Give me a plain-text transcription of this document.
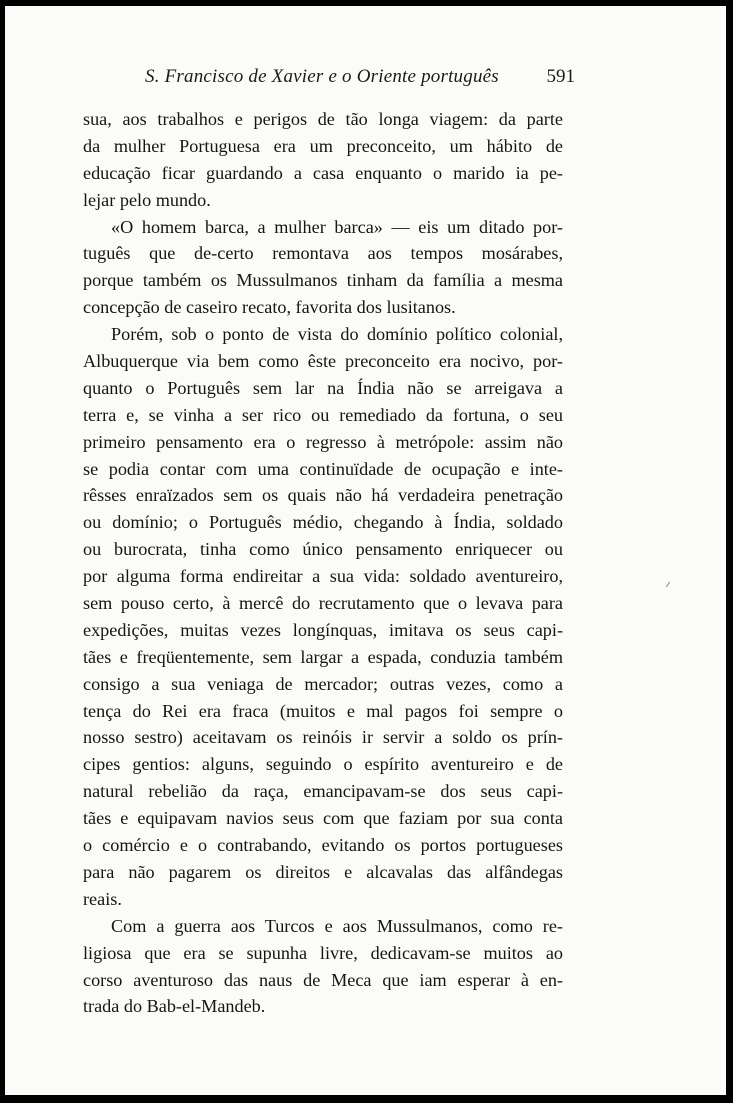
S. Francisco de Xavier e o Oriente português	591
sua, aos trabalhos e perigos de tão longa viagem: da parte
da mulher Portuguesa era um preconceito, um hábito de
educação ficar guardando a casa enquanto o marido ia pe-
lejar pelo mundo.
«O homem barca, a mulher barca» — eis um ditado por-
tuguês que de-certo remontava aos tempos mosárabes,
porque também os Mussulmanos tinham da família a mesma
concepção de caseiro recato, favorita dos lusitanos.
Porém, sob o ponto de vista do domínio político colonial,
Albuquerque via bem como êste preconceito era nocivo, por-
quanto o Português sem lar na Índia não se arreigava a
terra e, se vinha a ser rico ou remediado da fortuna, o seu
primeiro pensamento era o regresso à metrópole: assim não
se podia contar com uma continuïdade de ocupação e inte-
rêsses enraïzados sem os quais não há verdadeira penetração
ou domínio; o Português médio, chegando à Índia, soldado
ou burocrata, tinha como único pensamento enriquecer ou
por alguma forma endireitar a sua vida: soldado aventureiro,
sem pouso certo, à mercê do recrutamento que o levava para
expedições, muitas vezes longínquas, imitava os seus capi-
tães e freqüentemente, sem largar a espada, conduzia também
consigo a sua veniaga de mercador; outras vezes, como a
tença do Rei era fraca (muitos e mal pagos foi sempre o
nosso sestro) aceitavam os reinóis ir servir a soldo os prín-
cipes gentios: alguns, seguindo o espírito aventureiro e de
natural rebelião da raça, emancipavam-se dos seus capi-
tães e equipavam navios seus com que faziam por sua conta
o comércio e o contrabando, evitando os portos portugueses
para não pagarem os direitos e alcavalas das alfândegas
reais.
Com a guerra aos Turcos e aos Mussulmanos, como re-
ligiosa que era se supunha livre, dedicavam-se muitos ao
corso aventuroso das naus de Meca que iam esperar à en-
trada do Bab-el-Mandeb.
